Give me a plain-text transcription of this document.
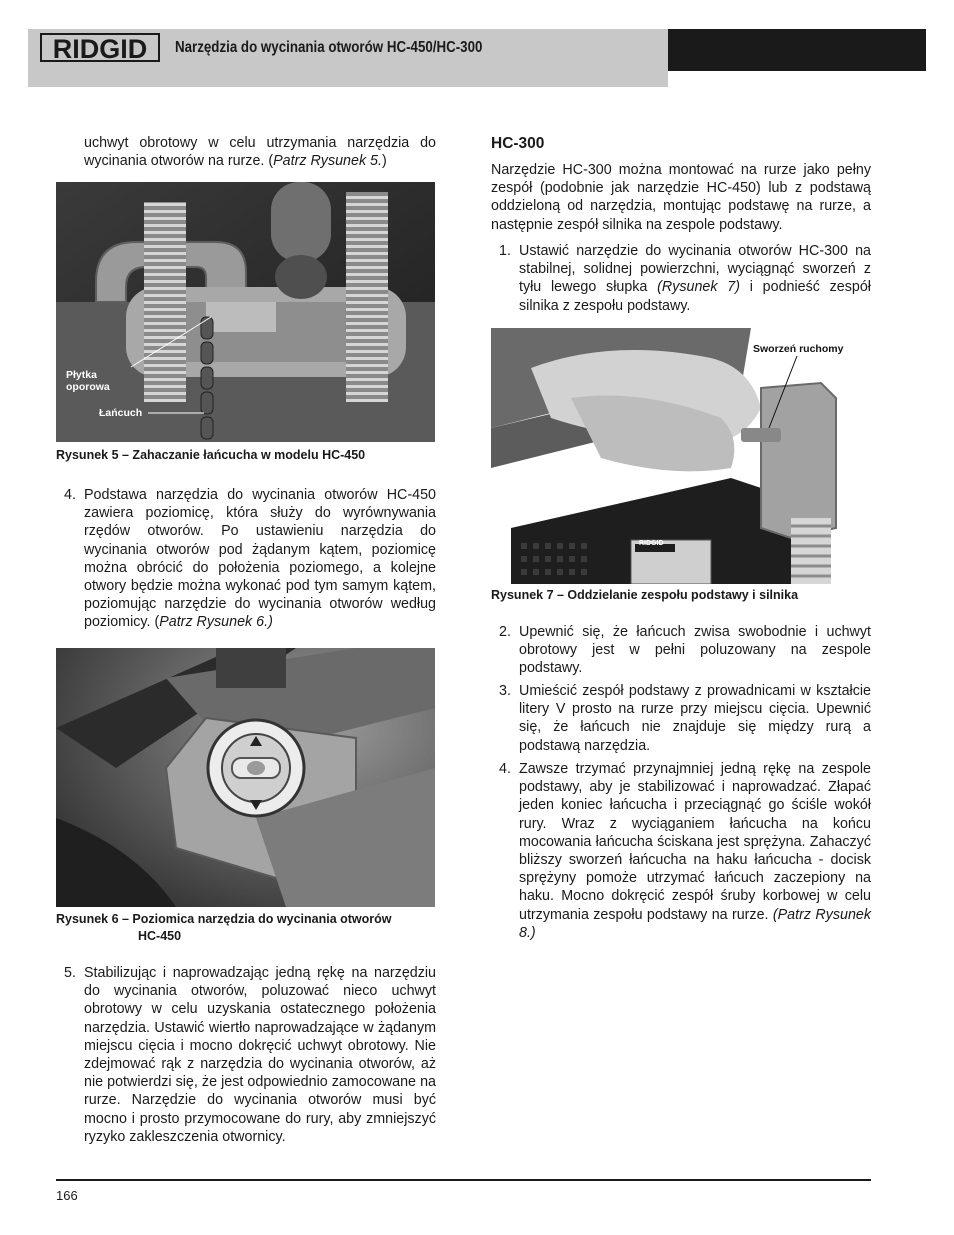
RIDGID Narzędzia do wycinania otworów HC-450/HC-300
uchwyt obrotowy w celu utrzymania narzędzia do wycinania otworów na rurze. (Patrz Rysunek 5.)
Płytka
oporowa
Łańcuch
Rysunek 5 – Zahaczanie łańcucha w modelu HC-450
4. Podstawa narzędzia do wycinania otworów HC-450 zawiera poziomicę, która służy do wyrównywania rzędów otworów. Po ustawieniu narzędzia do wycinania otworów pod żądanym kątem, poziomicę można obrócić do położenia poziomego, a kolejne otwory będzie można wykonać pod tym samym kątem, poziomując narzędzie do wycinania otworów według poziomicy. (Patrz Rysunek 6.)
Rysunek 6 – Poziomica narzędzia do wycinania otworów
HC-450
5. Stabilizując i naprowadzając jedną rękę na narzędziu do wycinania otworów, poluzować nieco uchwyt obrotowy w celu uzyskania ostatecznego położenia narzędzia. Ustawić wiertło naprowadzające w żądanym miejscu cięcia i mocno dokręcić uchwyt obrotowy. Nie zdejmować rąk z narzędzia do wycinania otworów, aż nie potwierdzi się, że jest odpowiednio zamocowane na rurze. Narzędzie do wycinania otworów musi być mocno i prosto przymocowane do rury, aby zmniejszyć ryzyko zakleszczenia otwornicy.
HC-300
Narzędzie HC-300 można montować na rurze jako pełny zespół (podobnie jak narzędzie HC-450) lub z podstawą oddzieloną od narzędzia, montując podstawę na rurze, a następnie zespół silnika na zespole podstawy.
1. Ustawić narzędzie do wycinania otworów HC-300 na stabilnej, solidnej powierzchni, wyciągnąć sworzeń z tyłu lewego słupka (Rysunek 7) i podnieść zespół silnika z zespołu podstawy.
Sworzeń ruchomy
RIDGID
Rysunek 7 – Oddzielanie zespołu podstawy i silnika
2. Upewnić się, że łańcuch zwisa swobodnie i uchwyt obrotowy jest w pełni poluzowany na zespole podstawy.
3. Umieścić zespół podstawy z prowadnicami w kształcie litery V prosto na rurze przy miejscu cięcia. Upewnić się, że łańcuch nie znajduje się między rurą a podstawą narzędzia.
4. Zawsze trzymać przynajmniej jedną rękę na zespole podstawy, aby je stabilizować i naprowadzać. Złapać jeden koniec łańcucha i przeciągnąć go ściśle wokół rury. Wraz z wyciąganiem łańcucha na końcu mocowania łańcucha ściskana jest sprężyna. Zahaczyć bliższy sworzeń łańcucha na haku łańcucha - docisk sprężyny pomoże utrzymać łańcuch zaczepiony na haku. Mocno dokręcić zespół śruby korbowej w celu utrzymania zespołu podstawy na rurze. (Patrz Rysunek 8.)
166
